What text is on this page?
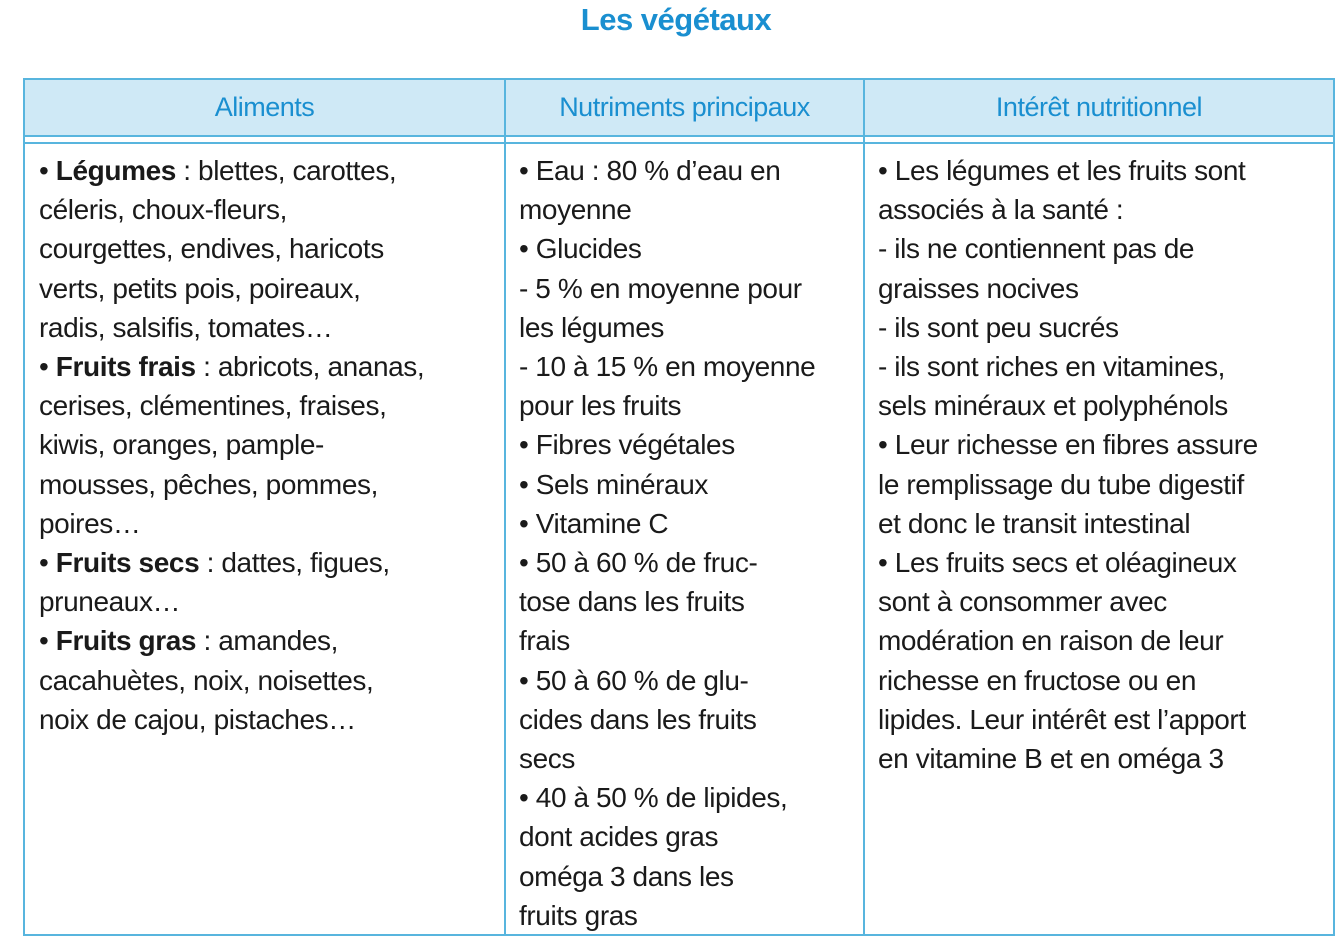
Les végétaux
Aliments	Nutriments principaux	Intérêt nutritionnel
• Légumes : blettes, carottes,
céleris, choux-fleurs,
courgettes, endives, haricots
verts, petits pois, poireaux,
radis, salsifis, tomates…
• Fruits frais : abricots, ananas,
cerises, clémentines, fraises,
kiwis, oranges, pample-
mousses, pêches, pommes,
poires…
• Fruits secs : dattes, figues,
pruneaux…
• Fruits gras : amandes,
cacahuètes, noix, noisettes,
noix de cajou, pistaches…
• Eau : 80 % d’eau en
moyenne
• Glucides
- 5 % en moyenne pour
les légumes
- 10 à 15 % en moyenne
pour les fruits
• Fibres végétales
• Sels minéraux
• Vitamine C
• 50 à 60 % de fruc-
tose dans les fruits
frais
• 50 à 60 % de glu-
cides dans les fruits
secs
• 40 à 50 % de lipides,
dont acides gras
oméga 3 dans les
fruits gras
• Les légumes et les fruits sont
associés à la santé :
- ils ne contiennent pas de
graisses nocives
- ils sont peu sucrés
- ils sont riches en vitamines,
sels minéraux et polyphénols
• Leur richesse en fibres assure
le remplissage du tube digestif
et donc le transit intestinal
• Les fruits secs et oléagineux
sont à consommer avec
modération en raison de leur
richesse en fructose ou en
lipides. Leur intérêt est l’apport
en vitamine B et en oméga 3
